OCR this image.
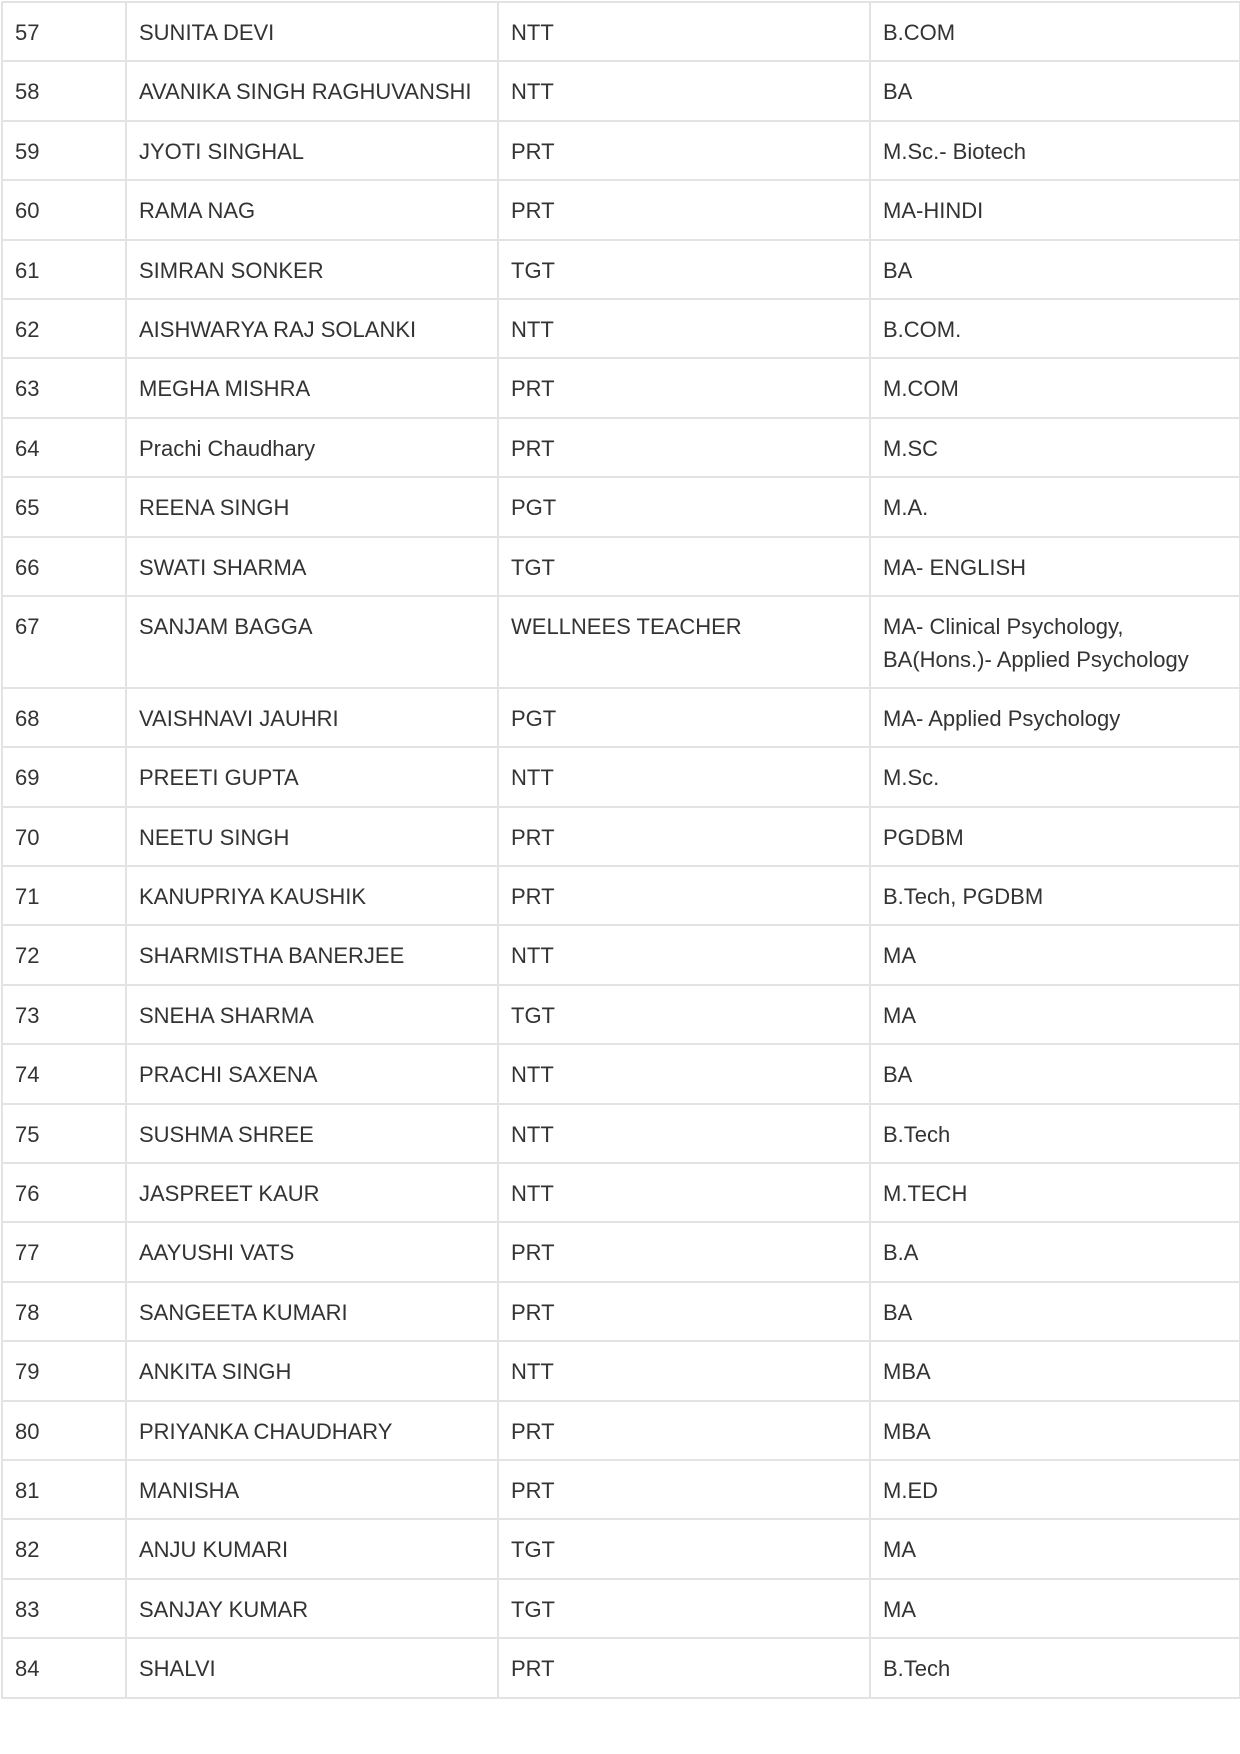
57	SUNITA DEVI	NTT	B.COM
58	AVANIKA SINGH RAGHUVANSHI	NTT	BA
59	JYOTI SINGHAL	PRT	M.Sc.- Biotech
60	RAMA NAG	PRT	MA-HINDI
61	SIMRAN SONKER	TGT	BA
62	AISHWARYA RAJ SOLANKI	NTT	B.COM.
63	MEGHA MISHRA	PRT	M.COM
64	Prachi Chaudhary	PRT	M.SC
65	REENA SINGH	PGT	M.A.
66	SWATI SHARMA	TGT	MA- ENGLISH
67	SANJAM BAGGA	WELLNEES TEACHER	MA- Clinical Psychology, BA(Hons.)- Applied Psychology
68	VAISHNAVI JAUHRI	PGT	MA- Applied Psychology
69	PREETI GUPTA	NTT	M.Sc.
70	NEETU SINGH	PRT	PGDBM
71	KANUPRIYA KAUSHIK	PRT	B.Tech, PGDBM
72	SHARMISTHA BANERJEE	NTT	MA
73	SNEHA SHARMA	TGT	MA
74	PRACHI SAXENA	NTT	BA
75	SUSHMA SHREE	NTT	B.Tech
76	JASPREET KAUR	NTT	M.TECH
77	AAYUSHI VATS	PRT	B.A
78	SANGEETA KUMARI	PRT	BA
79	ANKITA SINGH	NTT	MBA
80	PRIYANKA CHAUDHARY	PRT	MBA
81	MANISHA	PRT	M.ED
82	ANJU KUMARI	TGT	MA
83	SANJAY KUMAR	TGT	MA
84	SHALVI	PRT	B.Tech
